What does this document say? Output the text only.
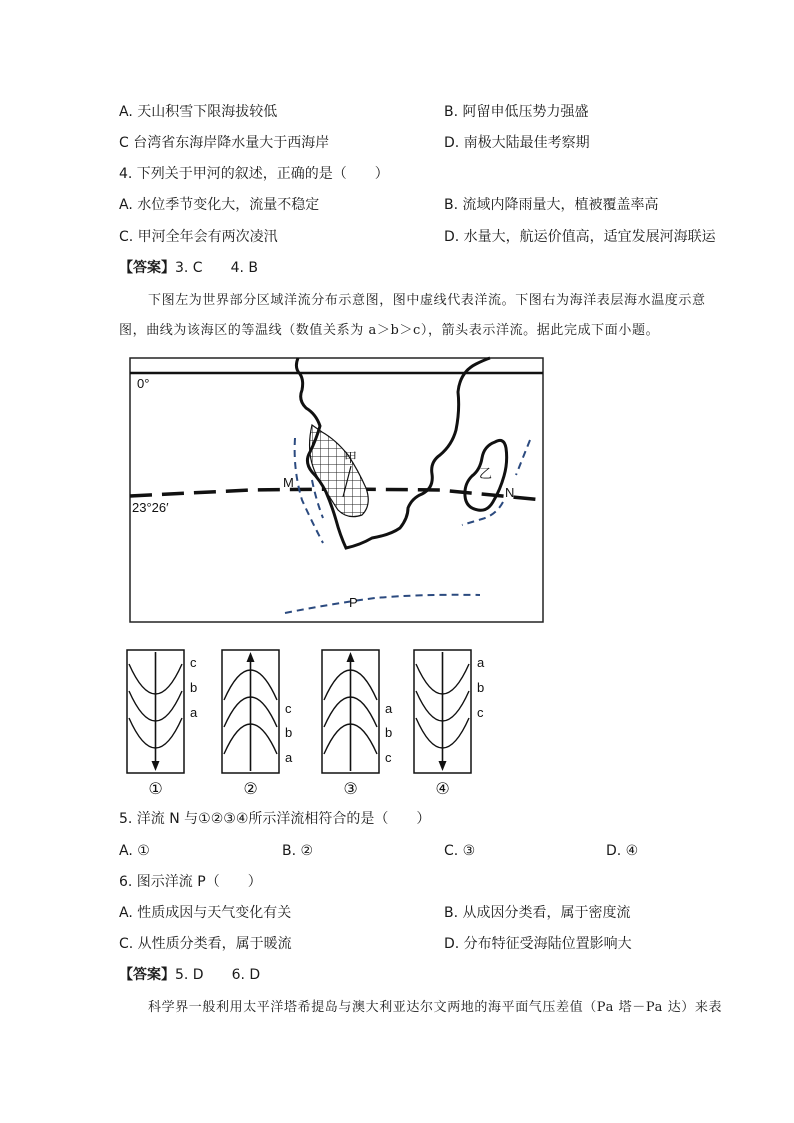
A. 天山积雪下限海拔较低	B. 阿留申低压势力强盛
C 台湾省东海岸降水量大于西海岸	D. 南极大陆最佳考察期
4. 下列关于甲河的叙述，正确的是（　　）
A. 水位季节变化大，流量不稳定	B. 流域内降雨量大，植被覆盖率高
C. 甲河全年会有两次凌汛	D. 水量大，航运价值高，适宜发展河海联运
【答案】3. C　　4. B
下图左为世界部分区域洋流分布示意图，图中虚线代表洋流。下图右为海洋表层海水温度示意
图，曲线为该海区的等温线（数值关系为 a＞b＞c），箭头表示洋流。据此完成下面小题。
0°
23°26′
甲
M
N
乙
P
c
b
a
①
c
b
a
②
a
b
c
③
a
b
c
④
5. 洋流 N 与①②③④所示洋流相符合的是（　　）
A. ①	B. ②	C. ③	D. ④
6. 图示洋流 P（　　）
A. 性质成因与天气变化有关	B. 从成因分类看，属于密度流
C. 从性质分类看，属于暖流	D. 分布特征受海陆位置影响大
【答案】5. D　　6. D
科学界一般利用太平洋塔希提岛与澳大利亚达尔文两地的海平面气压差值（Pa 塔－Pa 达）来表
